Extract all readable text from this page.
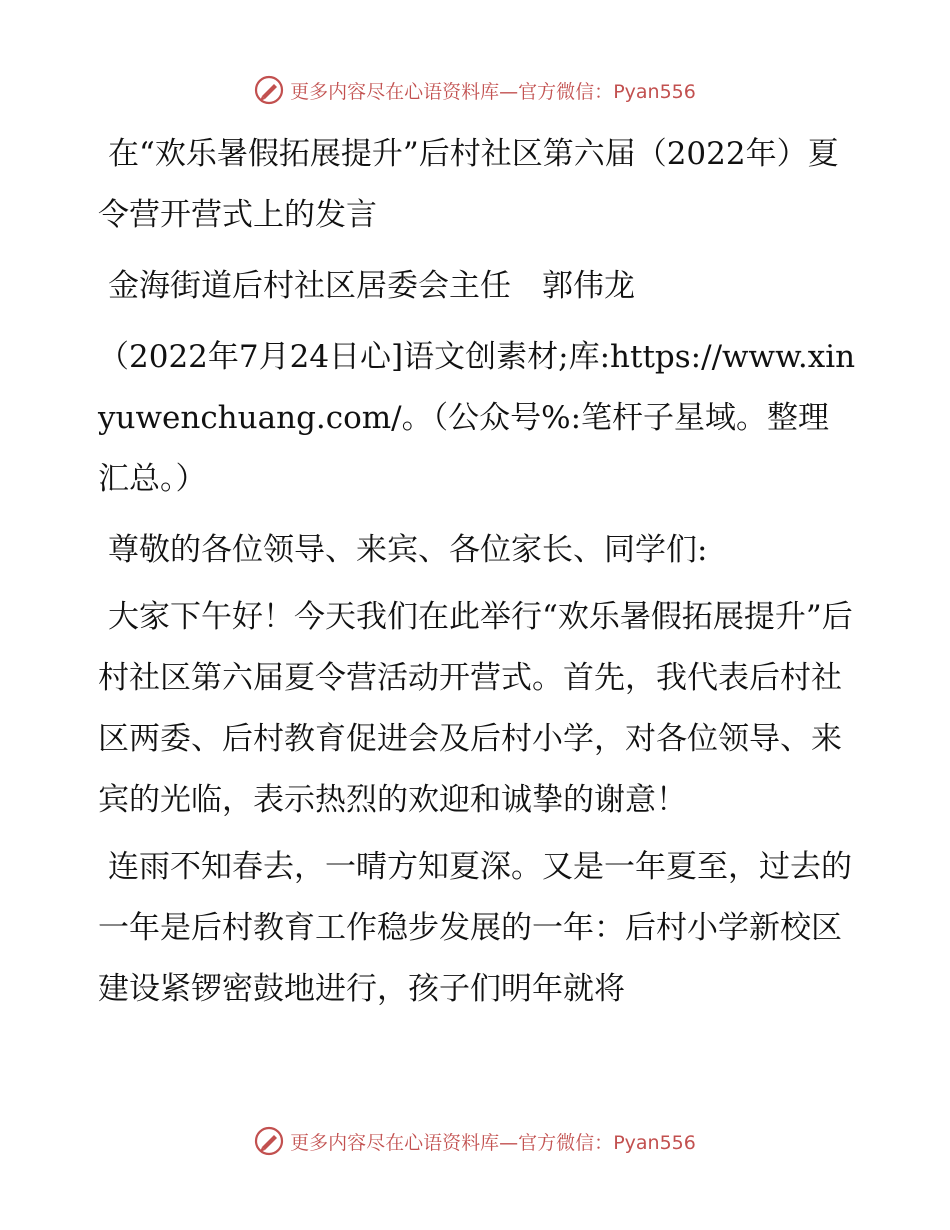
更多内容尽在心语资料库—官方微信：Pyan556

在“欢乐暑假拓展提升”后村社区第六届（2022年）夏令营开营式上的发言

金海街道后村社区居委会主任　郭伟龙

（2022年7月24日心]语文创素材;库:https://www.xinyuwenchuang.com/。（公众号%:笔杆子星域。整理汇总。）

尊敬的各位领导、来宾、各位家长、同学们:

大家下午好！今天我们在此举行“欢乐暑假拓展提升”后村社区第六届夏令营活动开营式。首先，我代表后村社区两委、后村教育促进会及后村小学，对各位领导、来宾的光临，表示热烈的欢迎和诚挚的谢意！

连雨不知春去，一晴方知夏深。又是一年夏至，过去的一年是后村教育工作稳步发展的一年：后村小学新校区建设紧锣密鼓地进行，孩子们明年就将

更多内容尽在心语资料库—官方微信：Pyan556
